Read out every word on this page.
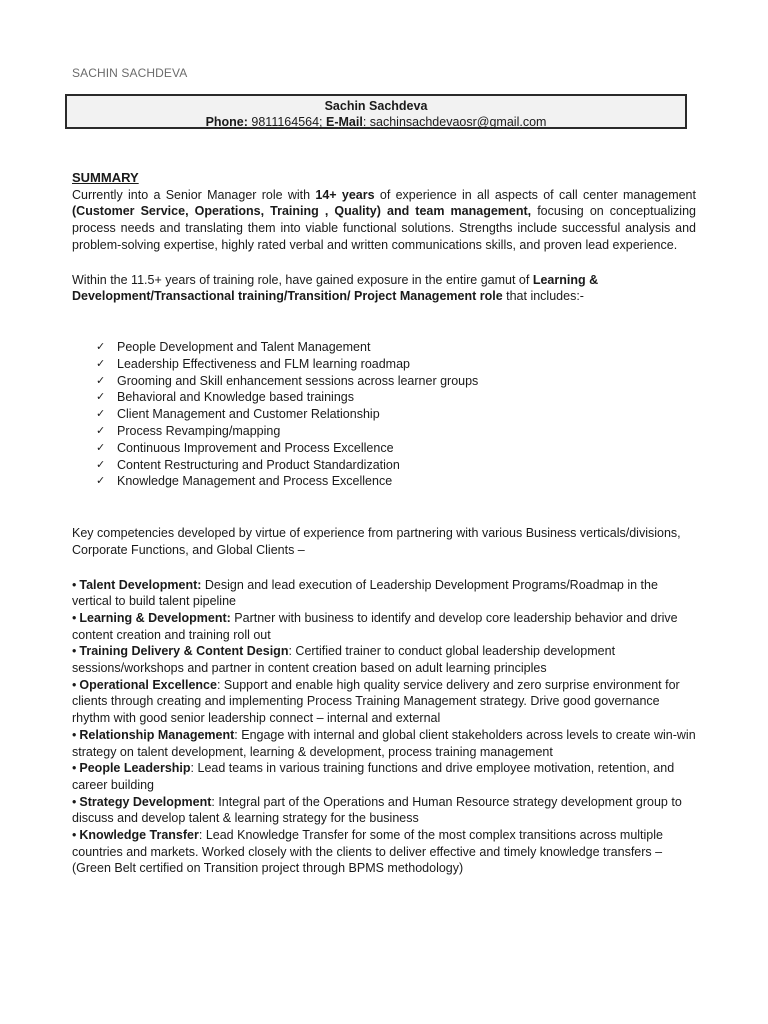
SACHIN SACHDEVA
Sachin Sachdeva
Phone: 9811164564; E-Mail: sachinsachdevaosr@gmail.com

SUMMARY

Currently into a Senior Manager role with 14+ years of experience in all aspects of call center management (Customer Service, Operations, Training , Quality) and team management, focusing on conceptualizing process needs and translating them into viable functional solutions. Strengths include successful analysis and problem-solving expertise, highly rated verbal and written communications skills, and proven lead experience.

Within the 11.5+ years of training role, have gained exposure in the entire gamut of Learning & Development/Transactional training/Transition/ Project Management role that includes:-

✓ People Development and Talent Management
✓ Leadership Effectiveness and FLM learning roadmap
✓ Grooming and Skill enhancement sessions across learner groups
✓ Behavioral and Knowledge based trainings
✓ Client Management and Customer Relationship
✓ Process Revamping/mapping
✓ Continuous Improvement and Process Excellence
✓ Content Restructuring and Product Standardization
✓ Knowledge Management and Process Excellence

Key competencies developed by virtue of experience from partnering with various Business verticals/divisions, Corporate Functions, and Global Clients –

• Talent Development: Design and lead execution of Leadership Development Programs/Roadmap in the vertical to build talent pipeline

• Learning & Development: Partner with business to identify and develop core leadership behavior and drive content creation and training roll out

• Training Delivery & Content Design: Certified trainer to conduct global leadership development sessions/workshops and partner in content creation based on adult learning principles

• Operational Excellence: Support and enable high quality service delivery and zero surprise environment for clients through creating and implementing Process Training Management strategy. Drive good governance rhythm with good senior leadership connect – internal and external

• Relationship Management: Engage with internal and global client stakeholders across levels to create win-win strategy on talent development, learning & development, process training management

• People Leadership: Lead teams in various training functions and drive employee motivation, retention, and career building

• Strategy Development: Integral part of the Operations and Human Resource strategy development group to discuss and develop talent & learning strategy for the business

• Knowledge Transfer: Lead Knowledge Transfer for some of the most complex transitions across multiple countries and markets. Worked closely with the clients to deliver effective and timely knowledge transfers – (Green Belt certified on Transition project through BPMS methodology)
